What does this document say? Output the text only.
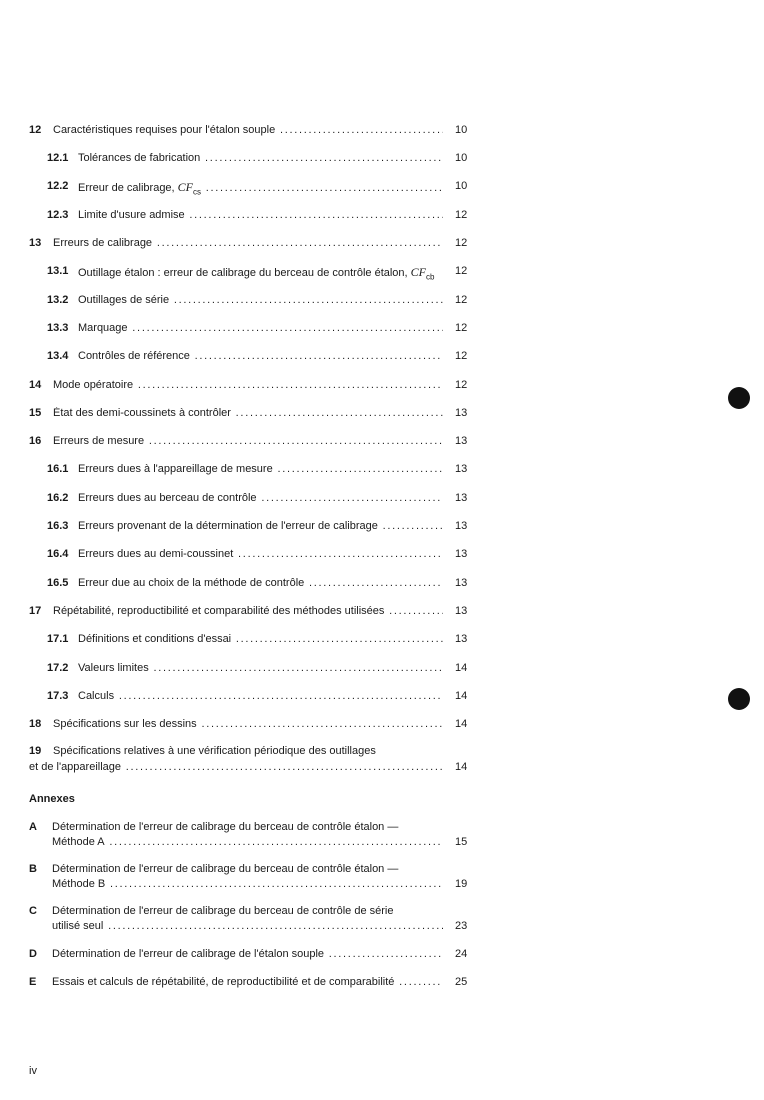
12 Caractéristiques requises pour l'étalon souple .....	10
12.1 Tolérances de fabrication .....	10
12.2 Erreur de calibrage, $CF_{cs}$ .....	10
12.3 Limite d'usure admise .....	12
13 Erreurs de calibrage .....	12
13.1 Outillage étalon : erreur de calibrage du berceau de contrôle étalon, $CF_{cb}$ 12
13.2 Outillages de série .....	12
13.3 Marquage .....	12
13.4 Contrôles de référence .....	12
14 Mode opératoire .....	12
15 État des demi-coussinets à contrôler .....	13
16 Erreurs de mesure .....	13
16.1 Erreurs dues à l'appareillage de mesure .....	13
16.2 Erreurs dues au berceau de contrôle .....	13
16.3 Erreurs provenant de la détermination de l'erreur de calibrage .....	13
16.4 Erreurs dues au demi-coussinet .....	13
16.5 Erreur due au choix de la méthode de contrôle .....	13
17 Répétabilité, reproductibilité et comparabilité des méthodes utilisées .....	13
17.1 Définitions et conditions d'essai .....	13
17.2 Valeurs limites .....	14
17.3 Calculs .....	14
18 Spécifications sur les dessins .....	14
19 Spécifications relatives à une vérification périodique des outillages
et de l'appareillage .....	14
Annexes
A Détermination de l'erreur de calibrage du berceau de contrôle étalon —
Méthode A .....	15
B Détermination de l'erreur de calibrage du berceau de contrôle étalon —
Méthode B .....	19
C Détermination de l'erreur de calibrage du berceau de contrôle de série
utilisé seul .....	23
D Détermination de l'erreur de calibrage de l'étalon souple .....	24
E Essais et calculs de répétabilité, de reproductibilité et de comparabilité .....	25
iv
